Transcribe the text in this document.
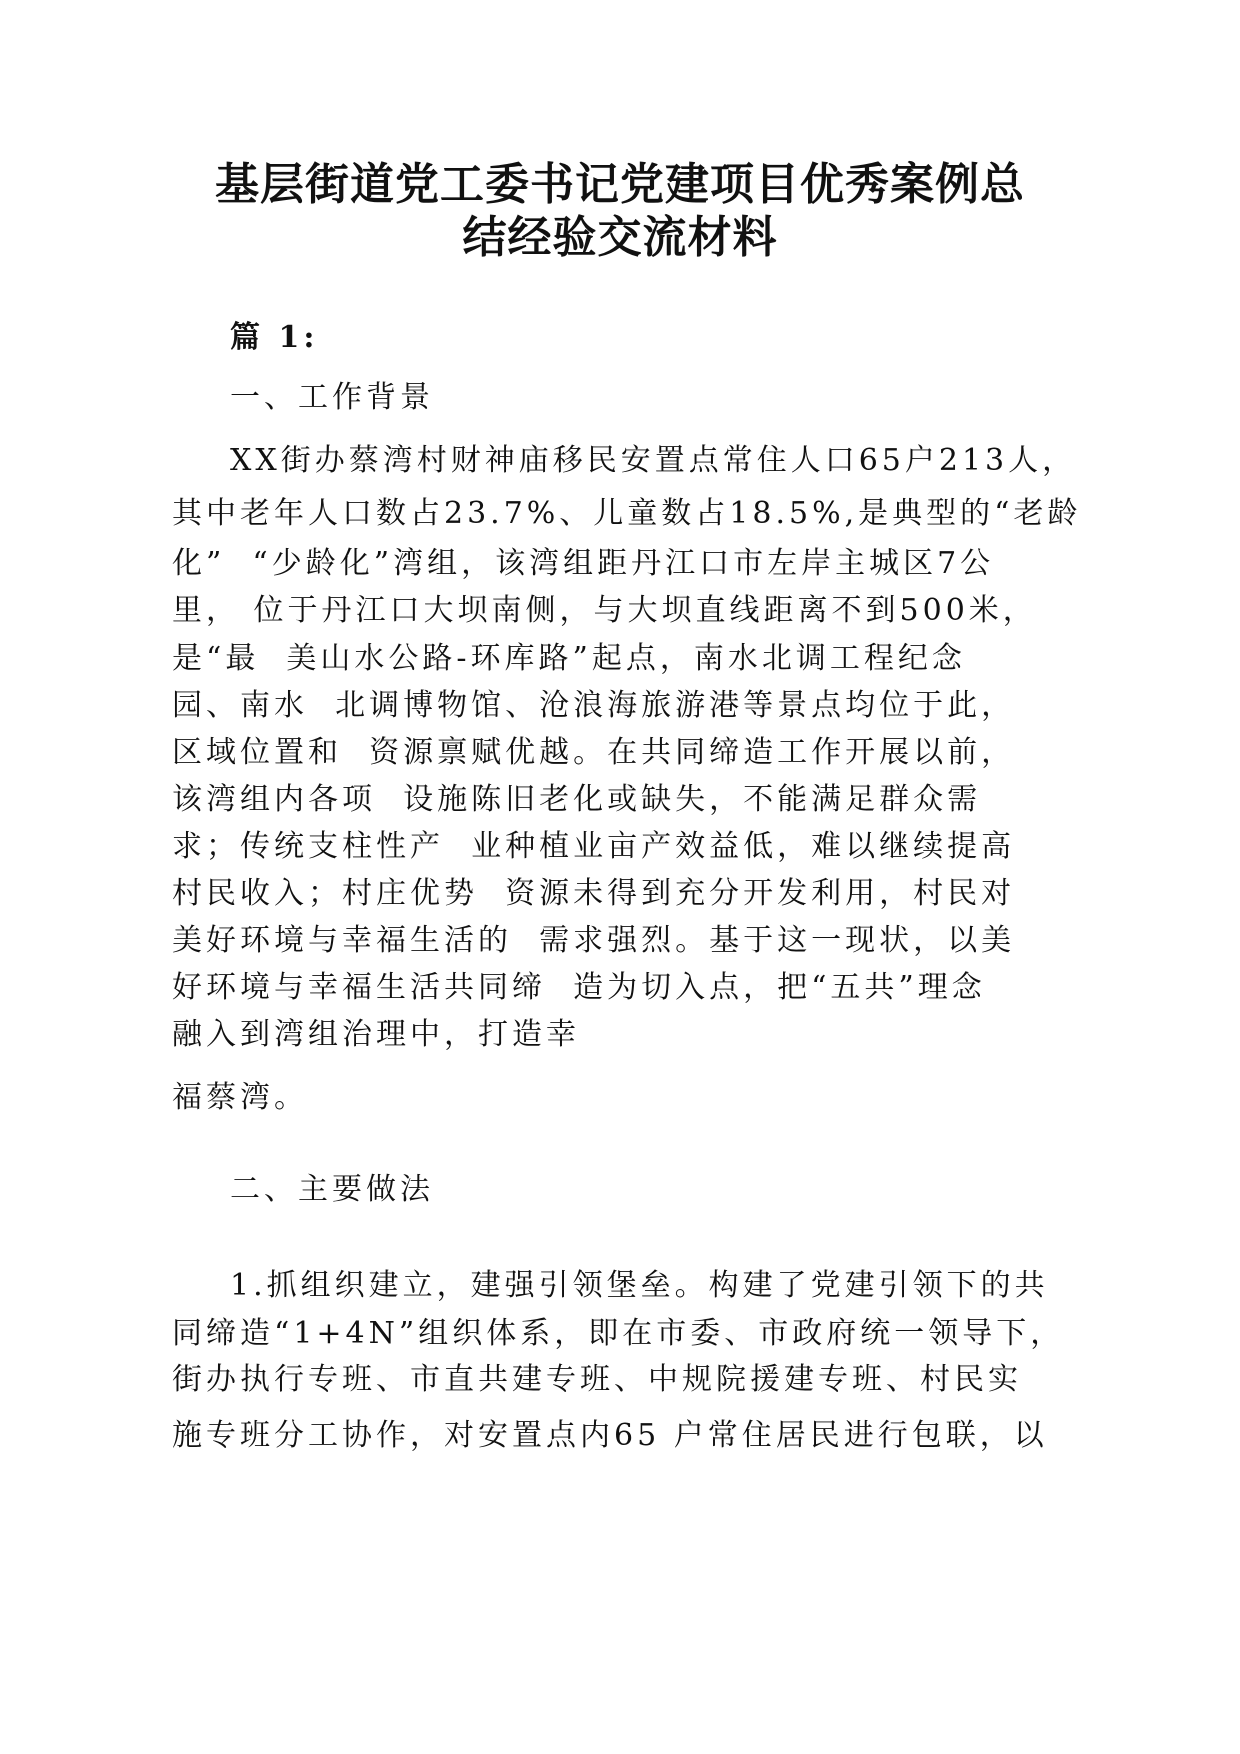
基层街道党工委书记党建项目优秀案例总
结经验交流材料
篇 1:
一、工作背景
XX街办蔡湾村财神庙移民安置点常住人口65户213人，
其中老年人口数占23.7%、儿童数占18.5%,是典型的“老龄
化”  “少龄化”湾组，该湾组距丹江口市左岸主城区7公
里， 位于丹江口大坝南侧，与大坝直线距离不到500米，
是“最  美山水公路-环库路”起点，南水北调工程纪念
园、南水  北调博物馆、沧浪海旅游港等景点均位于此，
区域位置和  资源禀赋优越。在共同缔造工作开展以前，
该湾组内各项  设施陈旧老化或缺失，不能满足群众需
求；传统支柱性产  业种植业亩产效益低，难以继续提高
村民收入；村庄优势  资源未得到充分开发利用，村民对
美好环境与幸福生活的  需求强烈。基于这一现状，以美
好环境与幸福生活共同缔  造为切入点，把“五共”理念
融入到湾组治理中，打造幸
福蔡湾。
二、主要做法
1.抓组织建立，建强引领堡垒。构建了党建引领下的共
同缔造“1+4N”组织体系，即在市委、市政府统一领导下，
街办执行专班、市直共建专班、中规院援建专班、村民实
施专班分工协作，对安置点内65 户常住居民进行包联，以
